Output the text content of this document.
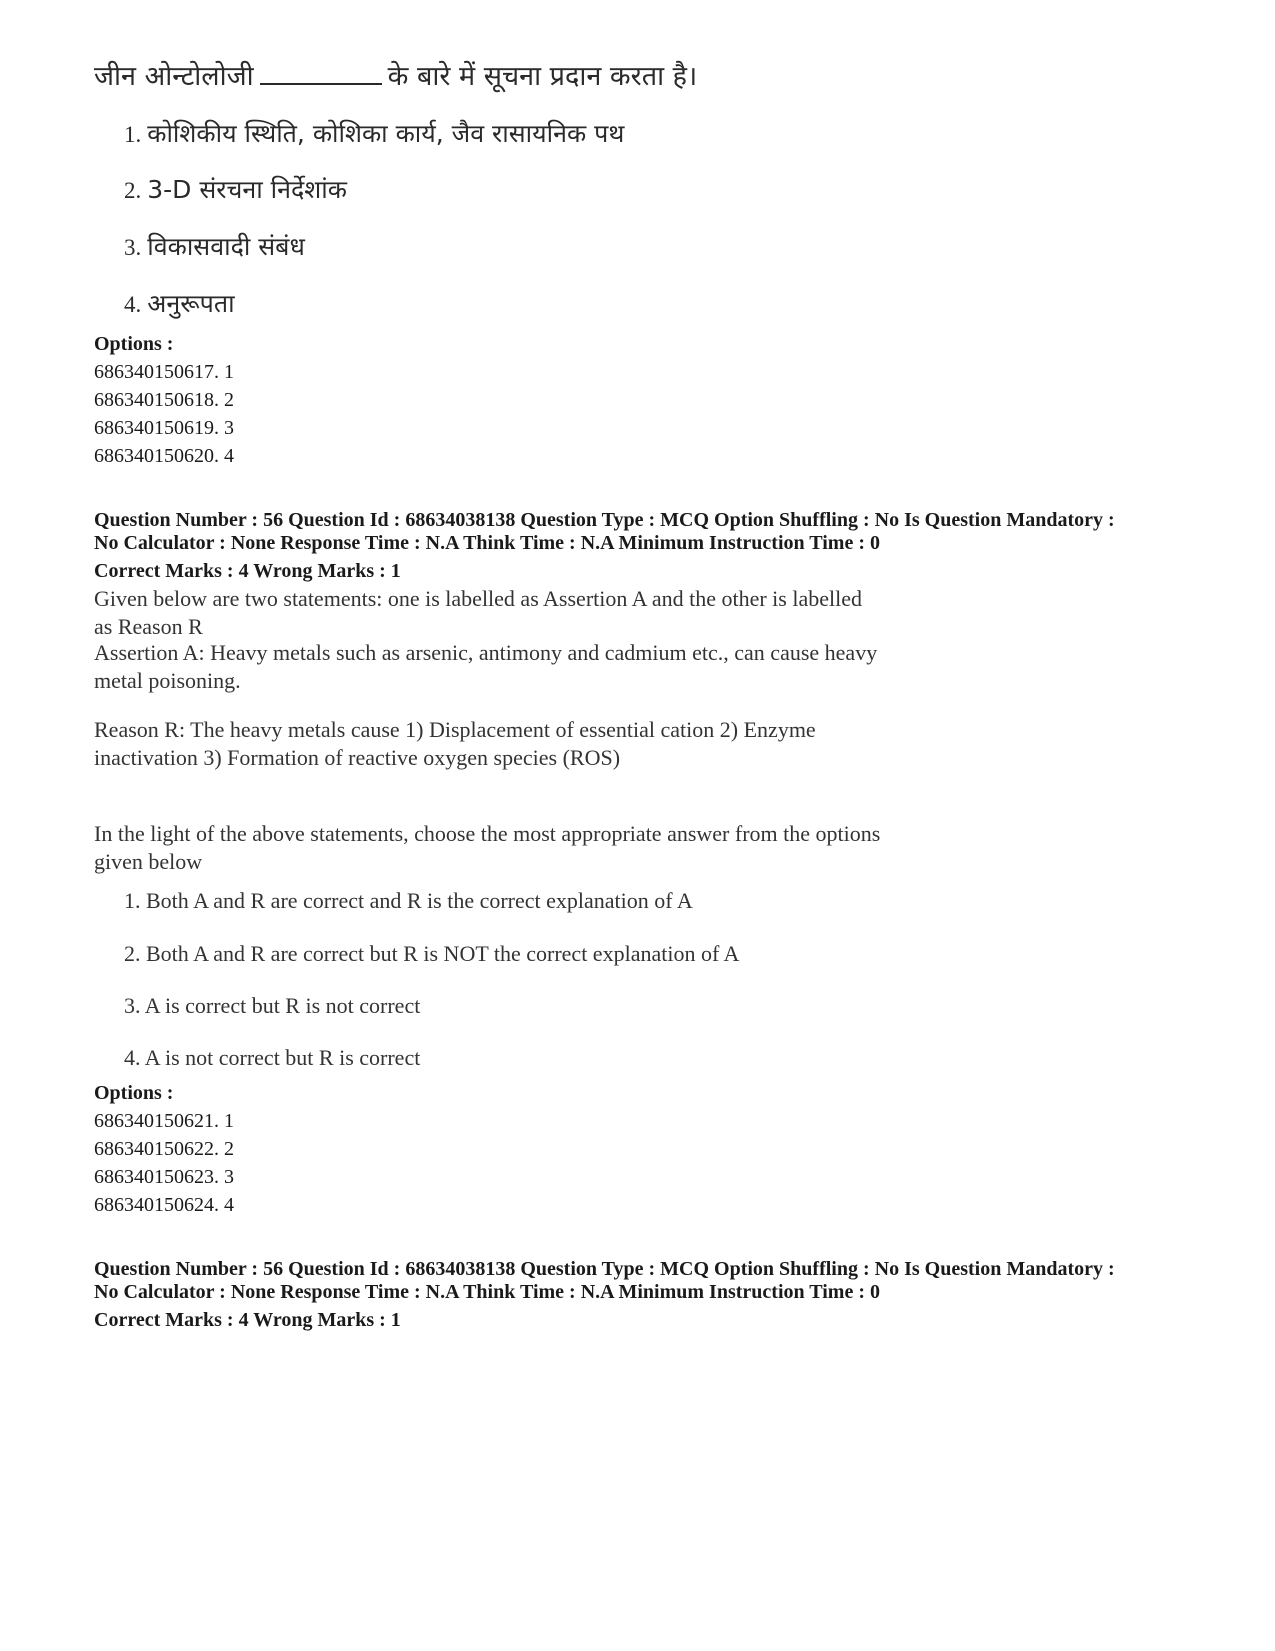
जीन ओन्टोलोजी	के बारे में सूचना प्रदान करता है।
1. कोशिकीय स्थिति, कोशिका कार्य, जैव रासायनिक पथ
2. 3-D संरचना निर्देशांक
3. विकासवादी संबंध
4. अनुरूपता
Options :
686340150617. 1
686340150618. 2
686340150619. 3
686340150620. 4
Question Number : 56 Question Id : 68634038138 Question Type : MCQ Option Shuffling : No Is Question Mandatory :
No Calculator : None Response Time : N.A Think Time : N.A Minimum Instruction Time : 0
Correct Marks : 4 Wrong Marks : 1
Given below are two statements: one is labelled as Assertion A and the other is labelled as Reason R
Assertion A: Heavy metals such as arsenic, antimony and cadmium etc., can cause heavy metal poisoning.
Reason R: The heavy metals cause 1) Displacement of essential cation 2) Enzyme inactivation 3) Formation of reactive oxygen species (ROS)
In the light of the above statements, choose the most appropriate answer from the options given below
1. Both A and R are correct and R is the correct explanation of A
2. Both A and R are correct but R is NOT the correct explanation of A
3. A is correct but R is not correct
4. A is not correct but R is correct
Options :
686340150621. 1
686340150622. 2
686340150623. 3
686340150624. 4
Question Number : 56 Question Id : 68634038138 Question Type : MCQ Option Shuffling : No Is Question Mandatory :
No Calculator : None Response Time : N.A Think Time : N.A Minimum Instruction Time : 0
Correct Marks : 4 Wrong Marks : 1
